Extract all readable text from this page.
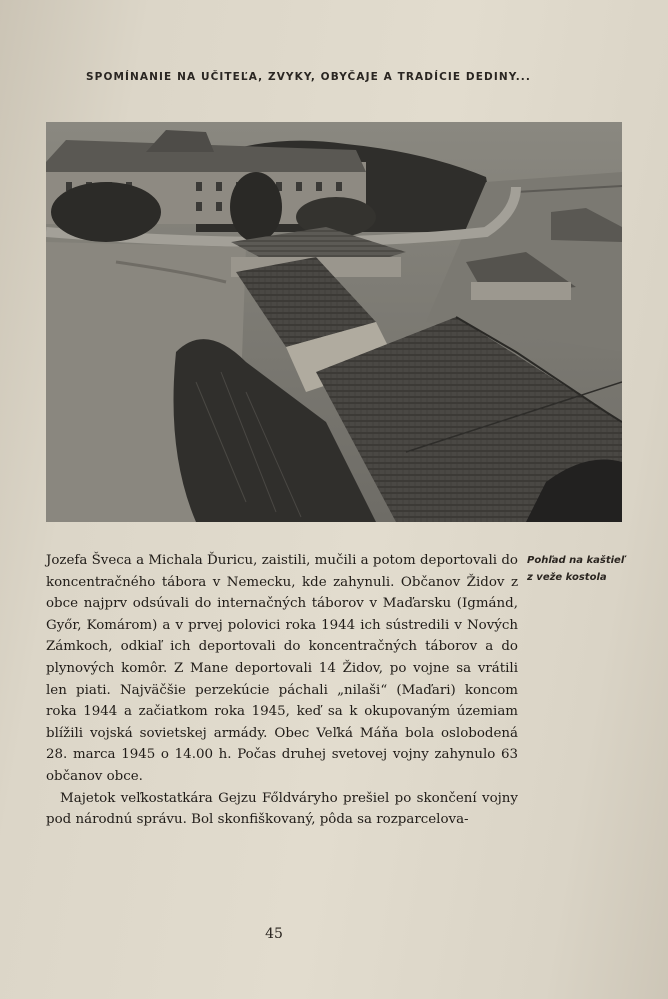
SPOMÍNANIE NA UČITEĽA, ZVYKY, OBYČAJE A TRADÍCIE DEDINY...
Pohľad na kaštieľ
z veže kostola

Jozefa Šveca a Michala Ďuricu, zaistili, mučili a potom deportovali do koncentračného tábora v Nemecku, kde zahynuli. Občanov Židov z obce najprv odsúvali do internačných táborov v Maďarsku (Igmánd, Győr, Komárom) a v prvej polovici roka 1944 ich sústredili v Nových Zámkoch, odkiaľ ich deportovali do koncentračných táborov a do plynových komôr. Z Mane deportovali 14 Židov, po vojne sa vrátili len piati. Najväčšie perzekúcie páchali „nilaši“ (Maďari) koncom roka 1944 a začiatkom roka 1945, keď sa k okupovaným územiam blížili vojská sovietskej armády. Obec Veľká Máňa bola oslobodená 28. marca 1945 o 14.00 h. Počas druhej svetovej vojny zahynulo 63 občanov obce.

Majetok veľkostatkára Gejzu Főldváryho prešiel po skončení vojny pod národnú správu. Bol skonfiškovaný, pôda sa rozparcelova-

45
